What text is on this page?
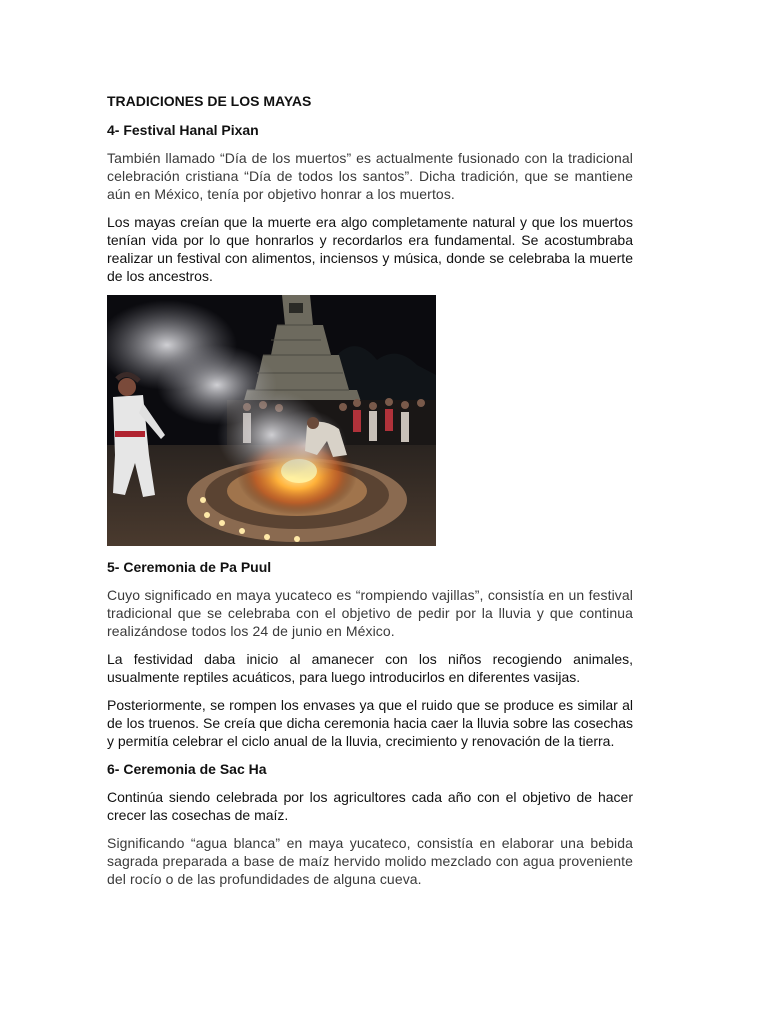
TRADICIONES DE LOS MAYAS
4- Festival Hanal Pixan

También llamado “Día de los muertos” es actualmente fusionado con la tradicional celebración cristiana “Día de todos los santos”. Dicha tradición, que se mantiene aún en México, tenía por objetivo honrar a los muertos.

Los mayas creían que la muerte era algo completamente natural y que los muertos tenían vida por lo que honrarlos y recordarlos era fundamental. Se acostumbraba realizar un festival con alimentos, inciensos y música, donde se celebraba la muerte de los ancestros.

5- Ceremonia de Pa Puul

Cuyo significado en maya yucateco es “rompiendo vajillas”, consistía en un festival tradicional que se celebraba con el objetivo de pedir por la lluvia y que continua realizándose todos los 24 de junio en México.

La festividad daba inicio al amanecer con los niños recogiendo animales, usualmente reptiles acuáticos, para luego introducirlos en diferentes vasijas.

Posteriormente, se rompen los envases ya que el ruido que se produce es similar al de los truenos. Se creía que dicha ceremonia hacia caer la lluvia sobre las cosechas y permitía celebrar el ciclo anual de la lluvia, crecimiento y renovación de la tierra.

6- Ceremonia de Sac Ha

Continúa siendo celebrada por los agricultores cada año con el objetivo de hacer crecer las cosechas de maíz.

Significando “agua blanca” en maya yucateco, consistía en elaborar una bebida sagrada preparada a base de maíz hervido molido mezclado con agua proveniente del rocío o de las profundidades de alguna cueva.
